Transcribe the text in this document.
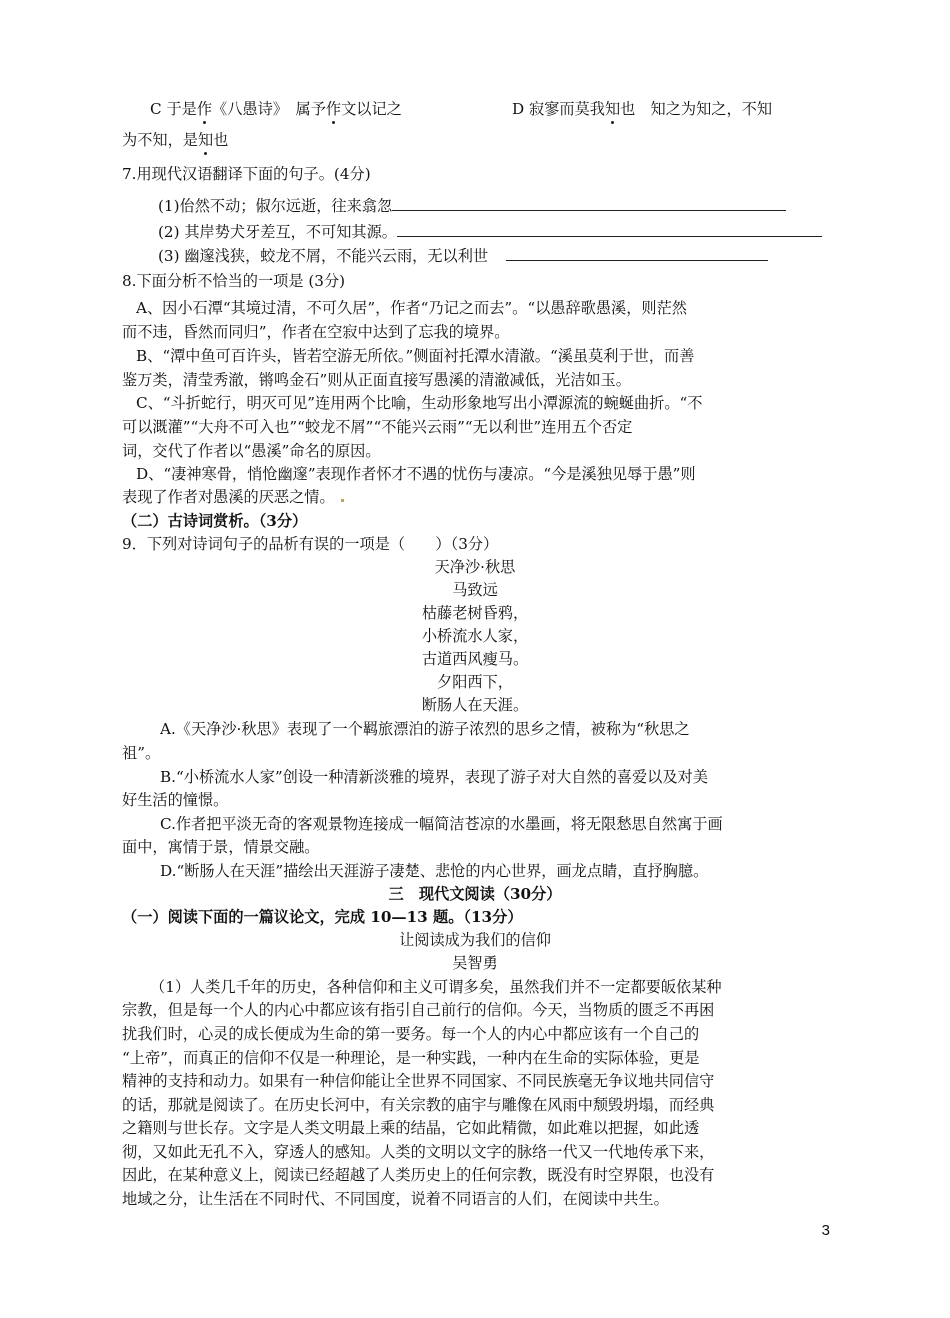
C 于是作《八愚诗》　属予作文以记之	D 寂寥而莫我知也　知之为知之，不知
为不知，是知也
7.用现代汉语翻译下面的句子。(4分)
(1)佁然不动；俶尔远逝，往来翕忽
(2) 其岸势犬牙差互，不可知其源。
(3) 幽邃浅狭，蛟龙不屑，不能兴云雨，无以利世
8.下面分析不恰当的一项是 (3分)
A、因小石潭“其境过清，不可久居”，作者“乃记之而去”。“以愚辞歌愚溪，则茫然
而不违，昏然而同归”，作者在空寂中达到了忘我的境界。
B、“潭中鱼可百许头，皆若空游无所依。”侧面衬托潭水清澈。“溪虽莫利于世，而善
鉴万类，清莹秀澈，锵鸣金石”则从正面直接写愚溪的清澈减低，光洁如玉。
C、“斗折蛇行，明灭可见”连用两个比喻，生动形象地写出小潭源流的蜿蜒曲折。“不
可以溉灌”“大舟不可入也”“蛟龙不屑”“不能兴云雨”“无以利世”连用五个否定
词，交代了作者以“愚溪”命名的原因。
D、“凄神寒骨，悄怆幽邃”表现作者怀才不遇的忧伤与凄凉。“今是溪独见辱于愚”则
表现了作者对愚溪的厌恶之情。
（二）古诗词赏析。（3分）
9．下列对诗词句子的品析有误的一项是（　　）（3分）
天净沙·秋思
马致远
枯藤老树昏鸦，
小桥流水人家，
古道西风瘦马。
夕阳西下，
断肠人在天涯。
A.《天净沙·秋思》表现了一个羁旅漂泊的游子浓烈的思乡之情，被称为“秋思之
祖”。
B.“小桥流水人家”创设一种清新淡雅的境界，表现了游子对大自然的喜爱以及对美
好生活的憧憬。
C.作者把平淡无奇的客观景物连接成一幅简洁苍凉的水墨画，将无限愁思自然寓于画
面中，寓情于景，情景交融。
D.“断肠人在天涯”描绘出天涯游子凄楚、悲怆的内心世界，画龙点睛，直抒胸臆。
三　现代文阅读（30分）
（一）阅读下面的一篇议论文，完成 10—13 题。（13分）
让阅读成为我们的信仰
吴智勇
（1）人类几千年的历史，各种信仰和主义可谓多矣，虽然我们并不一定都要皈依某种
宗教，但是每一个人的内心中都应该有指引自己前行的信仰。今天，当物质的匮乏不再困
扰我们时，心灵的成长便成为生命的第一要务。每一个人的内心中都应该有一个自己的
“上帝”，而真正的信仰不仅是一种理论，是一种实践，一种内在生命的实际体验，更是
精神的支持和动力。如果有一种信仰能让全世界不同国家、不同民族毫无争议地共同信守
的话，那就是阅读了。在历史长河中，有关宗教的庙宇与雕像在风雨中颓毁坍塌，而经典
之籍则与世长存。文字是人类文明最上乘的结晶，它如此精微，如此难以把握，如此透
彻，又如此无孔不入，穿透人的感知。人类的文明以文字的脉络一代又一代地传承下来，
因此，在某种意义上，阅读已经超越了人类历史上的任何宗教，既没有时空界限，也没有
地域之分，让生活在不同时代、不同国度，说着不同语言的人们，在阅读中共生。
3
